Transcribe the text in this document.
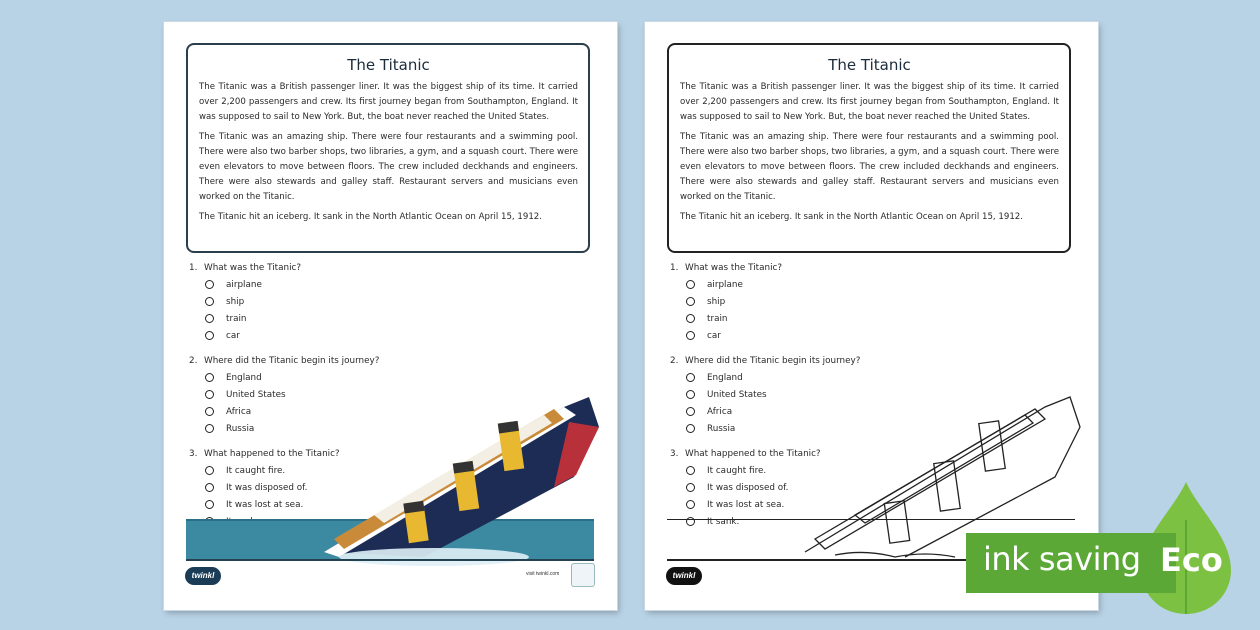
The Titanic

The Titanic was a British passenger liner. It was the biggest ship of its time. It carried over 2,200 passengers and crew. Its first journey began from Southampton, England. It was supposed to sail to New York. But, the boat never reached the United States.

The Titanic was an amazing ship. There were four restaurants and a swimming pool. There were also two barber shops, two libraries, a gym, and a squash court. There were even elevators to move between floors. The crew included deckhands and engineers. There were also stewards and galley staff. Restaurant servers and musicians even worked on the Titanic.

The Titanic hit an iceberg. It sank in the North Atlantic Ocean on April 15, 1912.

1. What was the Titanic?
airplane
ship
train
car
2. Where did the Titanic begin its journey?
England
United States
Africa
Russia
3. What happened to the Titanic?
It caught fire.
It was disposed of.
It was lost at sea.
twinkl	visit twinkl.com
The Titanic

The Titanic was a British passenger liner. It was the biggest ship of its time. It carried over 2,200 passengers and crew. Its first journey began from Southampton, England. It was supposed to sail to New York. But, the boat never reached the United States.

The Titanic was an amazing ship. There were four restaurants and a swimming pool. There were also two barber shops, two libraries, a gym, and a squash court. There were even elevators to move between floors. The crew included deckhands and engineers. There were also stewards and galley staff. Restaurant servers and musicians even worked on the Titanic.

The Titanic hit an iceberg. It sank in the North Atlantic Ocean on April 15, 1912.

1. What was the Titanic?
airplane
ship
train
car
2. Where did the Titanic begin its journey?
England
United States
Africa
Russia
3. What happened to the Titanic?
It caught fire.
It was disposed of.
It was lost at sea.
It sank.
twinkl	ink saving Eco
